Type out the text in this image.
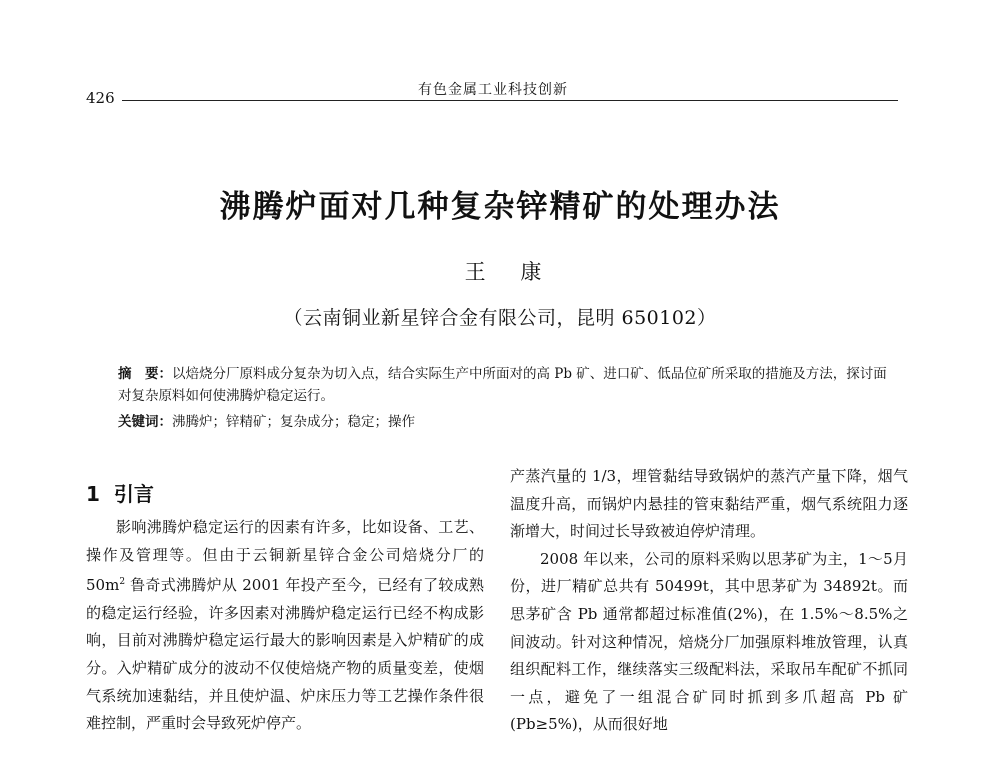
426	有色金属工业科技创新
沸腾炉面对几种复杂锌精矿的处理办法
王 康
（云南铜业新星锌合金有限公司，昆明 650102）
摘　要：以焙烧分厂原料成分复杂为切入点，结合实际生产中所面对的高 Pb 矿、进口矿、低品位矿所采取的措施及方法，探讨面对复杂原料如何使沸腾炉稳定运行。
关键词：沸腾炉；锌精矿；复杂成分；稳定；操作
1 引言

影响沸腾炉稳定运行的因素有许多，比如设备、工艺、操作及管理等。但由于云铜新星锌合金公司焙烧分厂的 $50m^2$ 鲁奇式沸腾炉从 2001 年投产至今，已经有了较成熟的稳定运行经验，许多因素对沸腾炉稳定运行已经不构成影响，目前对沸腾炉稳定运行最大的影响因素是入炉精矿的成分。入炉精矿成分的波动不仅使焙烧产物的质量变差，使烟气系统加速黏结，并且使炉温、炉床压力等工艺操作条件很难控制，严重时会导致死炉停产。

产蒸汽量的 1/3，埋管黏结导致锅炉的蒸汽产量下降，烟气温度升高，而锅炉内悬挂的管束黏结严重，烟气系统阻力逐渐增大，时间过长导致被迫停炉清理。

2008 年以来，公司的原料采购以思茅矿为主，1～5月份，进厂精矿总共有 50499t，其中思茅矿为 34892t。而思茅矿含 Pb 通常都超过标准值(2%)，在 1.5%～8.5%之间波动。针对这种情况，焙烧分厂加强原料堆放管理，认真组织配料工作，继续落实三级配料法，采取吊车配矿不抓同一点，避免了一组混合矿同时抓到多爪超高 Pb 矿(Pb≥5%)，从而很好地
